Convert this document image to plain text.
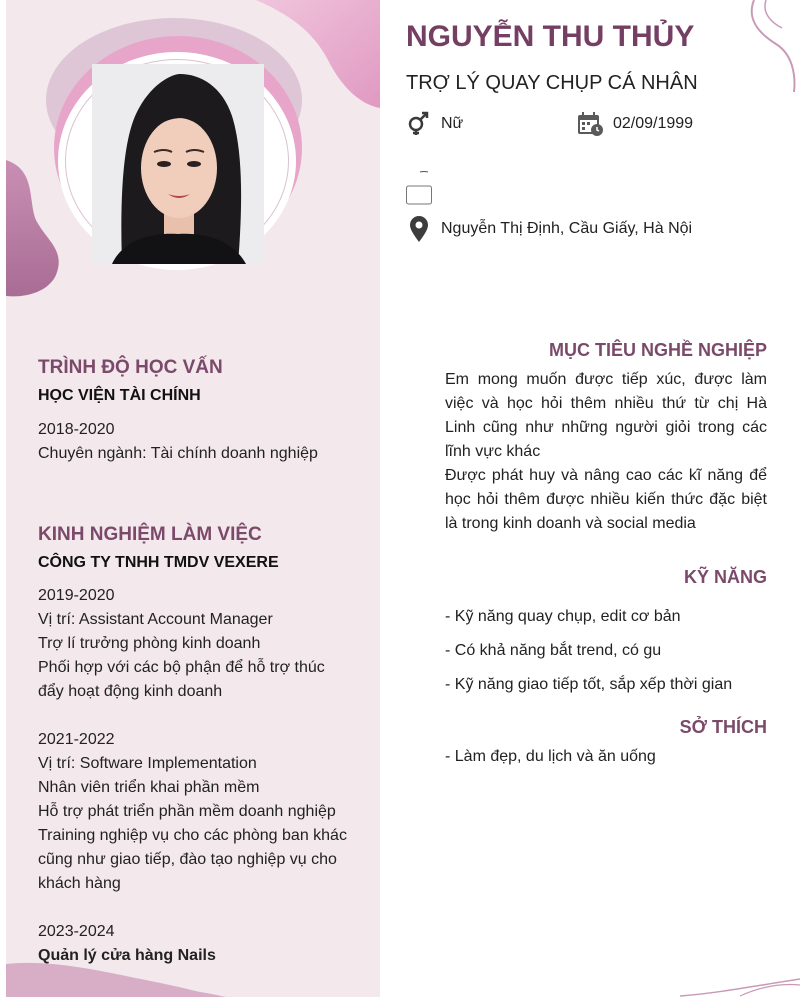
NGUYỄN THU THỦY
TRỢ LÝ QUAY CHỤP CÁ NHÂN
Nữ	02/09/1999
Nguyễn Thị Định, Cầu Giấy, Hà Nội
TRÌNH ĐỘ HỌC VẤN
HỌC VIỆN TÀI CHÍNH
2018-2020
Chuyên ngành: Tài chính doanh nghiệp
KINH NGHIỆM LÀM VIỆC
CÔNG TY TNHH TMDV VEXERE
2019-2020
Vị trí: Assistant Account Manager
Trợ lí trưởng phòng kinh doanh
Phối hợp với các bộ phận để hỗ trợ thúc
đẩy hoạt động kinh doanh
2021-2022
Vị trí: Software Implementation
Nhân viên triển khai phần mềm
Hỗ trợ phát triển phần mềm doanh nghiệp
Training nghiệp vụ cho các phòng ban khác
cũng như giao tiếp, đào tạo nghiệp vụ cho
khách hàng
2023-2024
Quản lý cửa hàng Nails
MỤC TIÊU NGHỀ NGHIỆP

Em mong muốn được tiếp xúc, được làm việc và học hỏi thêm nhiều thứ từ chị Hà Linh cũng như những người giỏi trong các lĩnh vực khác

Được phát huy và nâng cao các kĩ năng để học hỏi thêm được nhiều kiến thức đặc biệt là trong kinh doanh và social media

KỸ NĂNG
- Kỹ năng quay chụp, edit cơ bản
- Có khả năng bắt trend, có gu
- Kỹ năng giao tiếp tốt, sắp xếp thời gian
SỞ THÍCH
- Làm đẹp, du lịch và ăn uống
